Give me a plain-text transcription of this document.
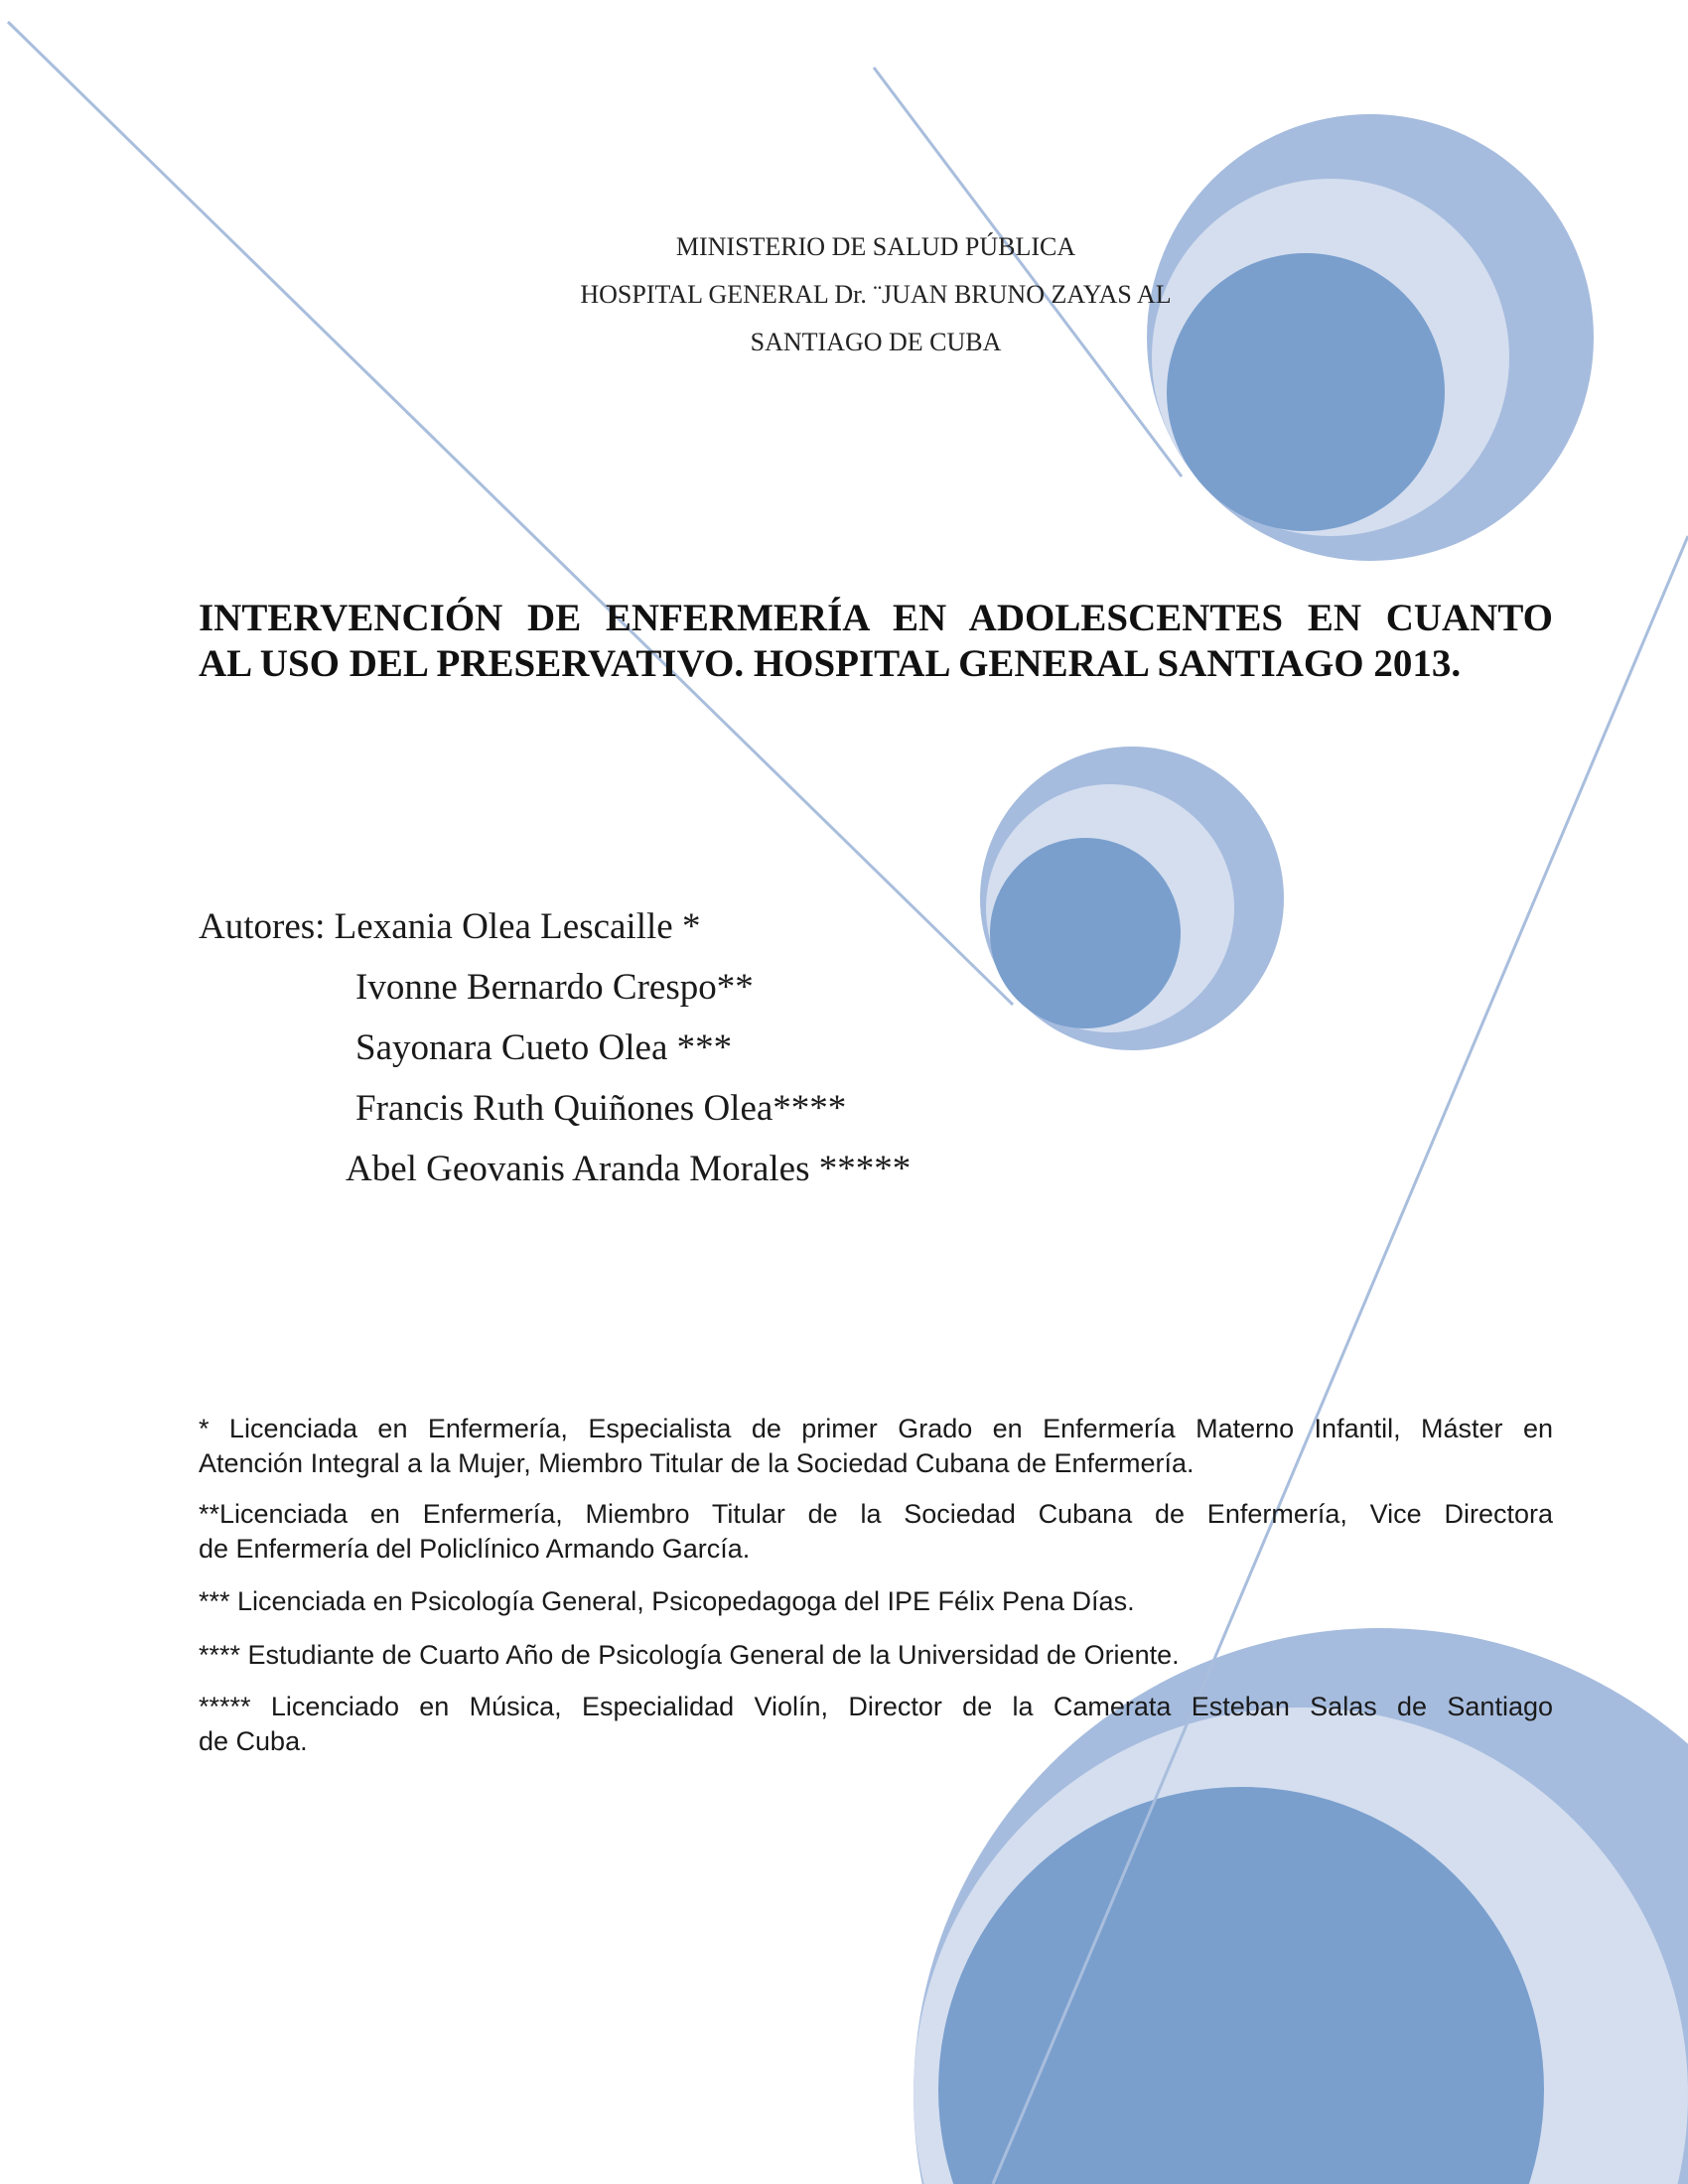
MINISTERIO DE SALUD PÚBLICA
HOSPITAL GENERAL Dr. ¨JUAN BRUNO ZAYAS AL
SANTIAGO DE CUBA
INTERVENCIÓN DE ENFERMERÍA EN ADOLESCENTES EN CUANTO
AL USO DEL PRESERVATIVO. HOSPITAL GENERAL SANTIAGO 2013.
Autores: Lexania Olea Lescaille *
Ivonne Bernardo Crespo**
Sayonara Cueto Olea ***
Francis Ruth Quiñones Olea****
Abel Geovanis Aranda Morales *****

* Licenciada en Enfermería, Especialista de primer Grado en Enfermería Materno Infantil, Máster en
Atención Integral a la Mujer, Miembro Titular de la Sociedad Cubana de Enfermería.

**Licenciada en Enfermería, Miembro Titular de la Sociedad Cubana de Enfermería, Vice Directora
de Enfermería del Policlínico Armando García.

*** Licenciada en Psicología General, Psicopedagoga del IPE Félix Pena Días.

**** Estudiante de Cuarto Año de Psicología General de la Universidad de Oriente.

***** Licenciado en Música, Especialidad Violín, Director de la Camerata Esteban Salas de Santiago
de Cuba.
